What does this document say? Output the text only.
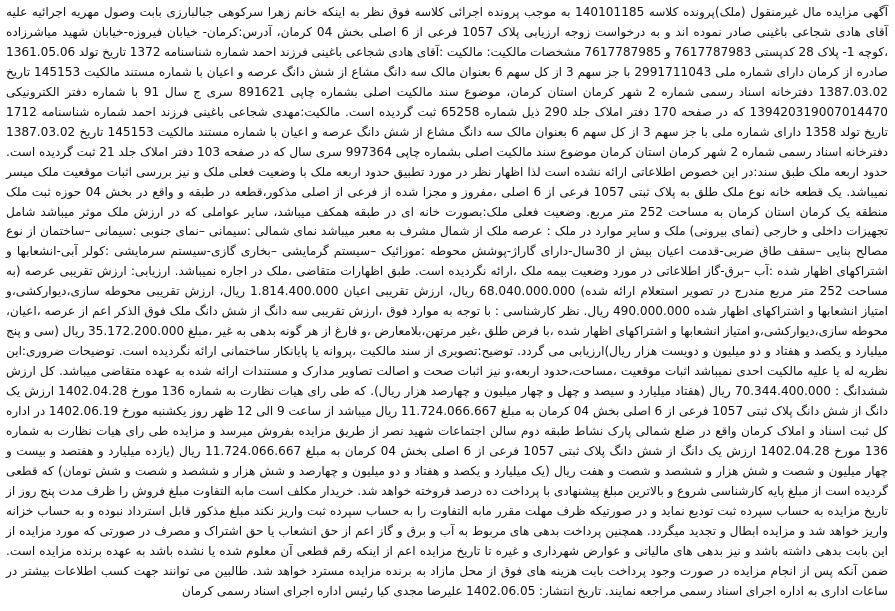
آگهی مزایده مال غیرمنقول (ملک)پرونده کلاسه 140101185 به موجب پرونده اجرائی کلاسه فوق نظر به اینکه خانم زهرا سرکوهی جبالبارزی بابت وصول مهریه اجرائیه علیه آقای هادی شجاعی باغینی صادر نموده اند و به درخواست زوجه ارزیابی پلاک 1057 فرعی از 6 اصلی بخش 04 کرمان، آدرس:کرمان- خیابان فیروزه-خیابان شهید میاشرزاده ،کوچه 1- پلاک 28 کدپستی 7617787983 و 7617787985 مشخصات مالکیت: مالکیت :آقای هادی شجاعی باغینی فرزند احمد شماره شناسنامه 1372 تاریخ تولد 1361.05.06 صادره از کرمان دارای شماره ملی 2991711043 با جز سهم 3 از کل سهم 6 بعنوان مالک سه دانگ مشاع از شش دانگ عرصه و اعیان با شماره مستند مالکیت 145153 تاریخ 1387.03.02 دفترخانه اسناد رسمی شماره 2 شهر کرمان استان کرمان، موضوع سند مالکیت اصلی بشماره چاپی 891621 سری ج سال 91 با شماره دفتر الکترونیکی 139420319007014470 که در صفحه 170 دفتر املاک جلد 290 ذیل شماره 65258 ثبت گردیده است. مالکیت:مهدی شجاعی باغینی فرزند احمد شماره شناسنامه 1712 تاریخ تولد 1358 دارای شماره ملی با جز سهم 3 از کل سهم 6 بعنوان مالک سه دانگ مشاع از شش دانگ عرصه و اعیان با شماره مستند مالکیت 145153 تاریخ 1387.03.02 دفترخانه اسناد رسمی شماره 2 شهر کرمان استان کرمان موضوع سند مالکیت اصلی بشماره چاپی 997364 سری سال که در صفحه 103 دفتر املاک جلد 21 ثبت گردیده است. حدود اربعه ملک طبق سند:در این خصوص اطلاعاتی ارائه نشده است لذا اظهار نظر در مورد تطبیق حدود اربعه ملک با وضعیت فعلی ملک و نیز بررسی اثبات موقعیت ملک میسر نمیباشد. یک قطعه خانه نوع ملک طلق به پلاک ثبتی 1057 فرعی از 6 اصلی ،مفروز و مجزا شده از فرعی از اصلی مذکور،قطعه در طبقه و واقع در بخش 04 حوزه ثبت ملک منطقه یک کرمان استان کرمان به مساحت 252 متر مربع. وضعیت فعلی ملک:بصورت خانه ای در طبقه همکف میباشد، سایر عواملی که در ارزش ملک موثر میباشد شامل تجهیزات داخلی و خارجی (نمای بیرونی) ملک و سایر موارد در ملک : عرصه ملک از شمال مشرف به معبر میباشد نمای شمالی :سیمانی –نمای جنوبی :سیمانی –ساختمان از نوع مصالح بنایی –سقف طاق ضربی-قدمت اعیان بیش از 30سال-دارای گاراژ-پوشش محوطه :موزائیک –سیستم گرمایشی –بخاری گازی-سیستم سرمایشی :کولر آبی-انشعابها و اشتراکهای اظهار شده :آب –برق-گاز اطلاعاتی در مورد وضعیت بیمه ملک ،ارائه نگردیده است. طبق اظهارات متقاضی ،ملک در اجاره نمیباشد. ارزیابی: ارزش تقریبی عرصه (به مساحت 252 متر مربع مندرج در تصویر استعلام ارائه شده) 68.040.000.000 ریال، ارزش تقریبی اعیان 1.814.400.000 ریال، ارزش تقریبی محوطه سازی،دیوارکشی،و امتیاز انشعابها و اشتراکهای اظهار شده 490.000.000 ریال. نظر کارشناسی : با توجه به موارد فوق ،ارزش تقریبی سه دانگ از شش دانگ ملک فوق الذکر اعم از عرصه ،اعیان، محوطه سازی،دیوارکشی،و امتیاز انشعابها و اشتراکهای اظهار شده ،با فرض طلق ،غیر مرتهن،بلامعارض ،و فارغ از هر گونه بدهی به غیر ،مبلغ 35.172.200.000 ریال (سی و پنج میلیارد و یکصد و هفتاد و دو میلیون و دویست هزار ریال)ارزیابی می گردد. توضیح:تصویری از سند مالکیت ،پروانه یا پایانکار ساختمانی ارائه نگردیده است. توضیحات ضروری:این نظریه له یا علیه مالکیت احدی نمیباشد اثبات موقعیت ،مساحت،حدود اربعه،و نیز اثبات صحت و اصالت تصاویر مدارک و مستندات ارائه شده به عهده متقاضی میباشد. کل ارزش ششدانگ : 70.344.400.000 ریال (هفتاد میلیارد و سیصد و چهل و چهار میلیون و چهارصد هزار ریال). که طی رای هیات نظارت به شماره 136 مورخ 1402.04.28 ارزش یک دانگ از شش دانگ پلاک ثبتی 1057 فرعی از 6 اصلی بخش 04 کرمان به مبلغ 11.724.066.667 ریال میباشد از ساعت 9 الی 12 ظهر روز یکشنبه مورخ 1402.06.19 در اداره کل ثبت اسناد و املاک کرمان واقع در ضلع شمالی پارک نشاط طبقه دوم سالن اجتماعات شهید نصر از طریق مزایده بفروش میرسد و مزایده طی رای هیات نظارت به شماره 136 مورخ 1402.04.28 ارزش یک دانگ از شش دانگ پلاک ثبتی 1057 فرعی از 6 اصلی بخش 04 کرمان به مبلغ 11.724.066.667 ریال (یازده میلیارد و هفتصد و بیست و چهار میلیون و شصت و شش هزار و ششصد و شصت و هفت ریال (یک میلیارد و یکصد و هفتاد و دو میلیون و چهارصد و شش هزار و ششصد و شصت و شش تومان) که قطعی گردیده است از مبلغ پایه کارشناسی شروع و بالاترین مبلغ پیشنهادی با پرداخت ده درصد فروخته خواهد شد. خریدار مکلف است مابه التفاوت مبلغ فروش را ظرف مدت پنج روز از تاریخ مزایده به حساب سپرده ثبت تودیع نماید و در صورتیکه ظرف مهلت مقرر مابه التفاوت را به حساب سپرده ثبت واریز نکند مبلغ مذکور قابل استرداد نبوده و به حساب خزانه واریز خواهد شد و مزایده ابطال و تجدید میگردد. همچنین پرداخت بدهی های مربوط به آب و برق و گاز اعم از حق انشعاب یا حق اشتراک و مصرف در صورتی که مورد مزایده از این بابت بدهی داشته باشد و نیز بدهی های مالیاتی و عوارض شهرداری و غیره تا تاریخ مزایده اعم از اینکه رقم قطعی آن معلوم شده یا نشده باشد به عهده برنده مزایده است. ضمن آنکه پس از انجام مزایده در صورت وجود پرداخت بابت هزینه های فوق از محل مازاد به برنده مزایده مسترد خواهد شد. طالبین می توانند جهت کسب اطلاعات بیشتر در ساعات اداری به اداره اجرای اسناد رسمی مراجعه نمایند. تاریخ انتشار: 1402.06.05 علیرضا مجدی کیا رئیس اداره اجرای اسناد رسمی کرمان
